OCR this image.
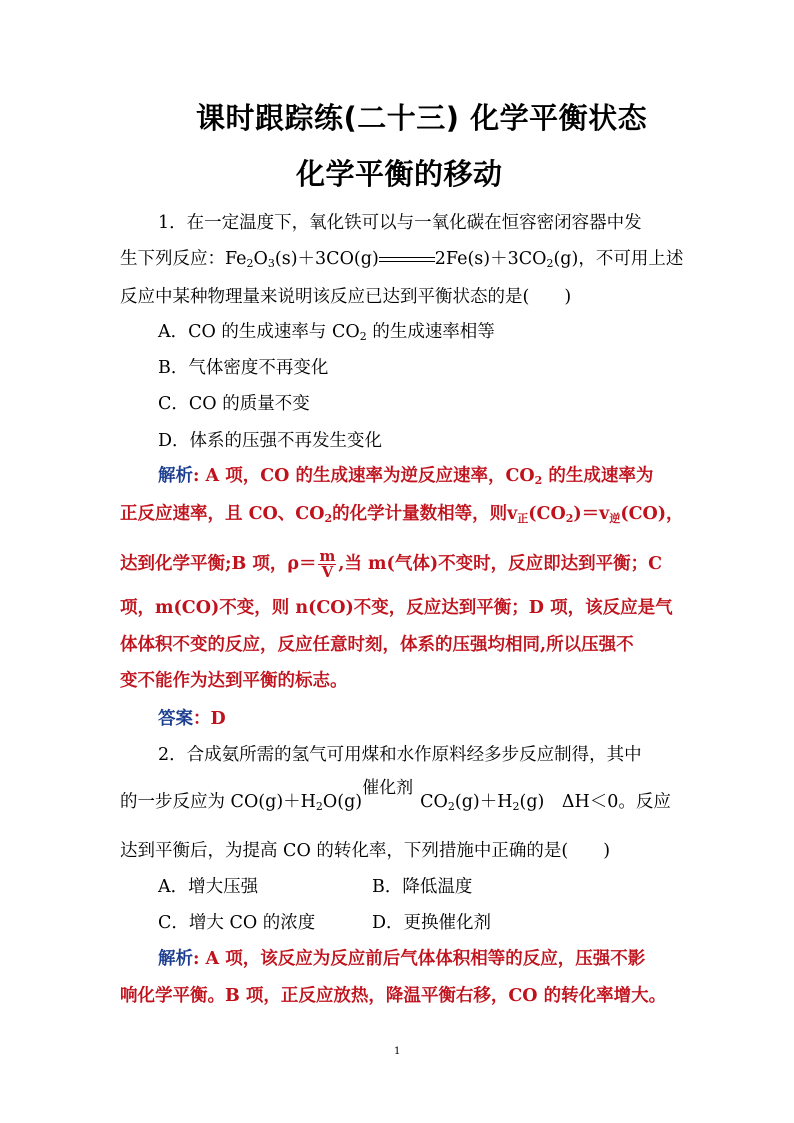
课时跟踪练(二十三) 化学平衡状态
化学平衡的移动
1．在一定温度下，氧化铁可以与一氧化碳在恒容密闭容器中发
生下列反应：$Fe_2O_3(s)+3CO(g)$	$2Fe(s)+3CO_2(g)$，不可用上述
反应中某种物理量来说明该反应已达到平衡状态的是(　　)
A．CO 的生成速率与 $CO_2$ 的生成速率相等
B．气体密度不再变化
C．CO 的质量不变
D．体系的压强不再发生变化
解析: A 项，CO 的生成速率为逆反应速率，$CO_2$ 的生成速率为
正反应速率，且 CO、$CO_2$的化学计量数相等，则$v_正(CO_2)=v_逆(CO)$，
达到化学平衡;B 项，$\rho= \frac{m}{V}$ ,当 m(气体)不变时，反应即达到平衡；C
项，m(CO)不变，则 n(CO)不变，反应达到平衡；D 项，该反应是气
体体积不变的反应，反应任意时刻，体系的压强均相同,所以压强不
变不能作为达到平衡的标志。
答案：D
2．合成氨所需的氢气可用煤和水作原料经多步反应制得，其中
的一步反应为 $CO(g)+H_2O(g)$
催化剂
$CO_2(g)+H_2(g)$　ΔH＜0。反应
达到平衡后，为提高 CO 的转化率，下列措施中正确的是(　　)
A．增大压强	B．降低温度
C．增大 CO 的浓度	D．更换催化剂
解析: A 项，该反应为反应前后气体体积相等的反应，压强不影
响化学平衡。B 项，正反应放热，降温平衡右移，CO 的转化率增大。
1
